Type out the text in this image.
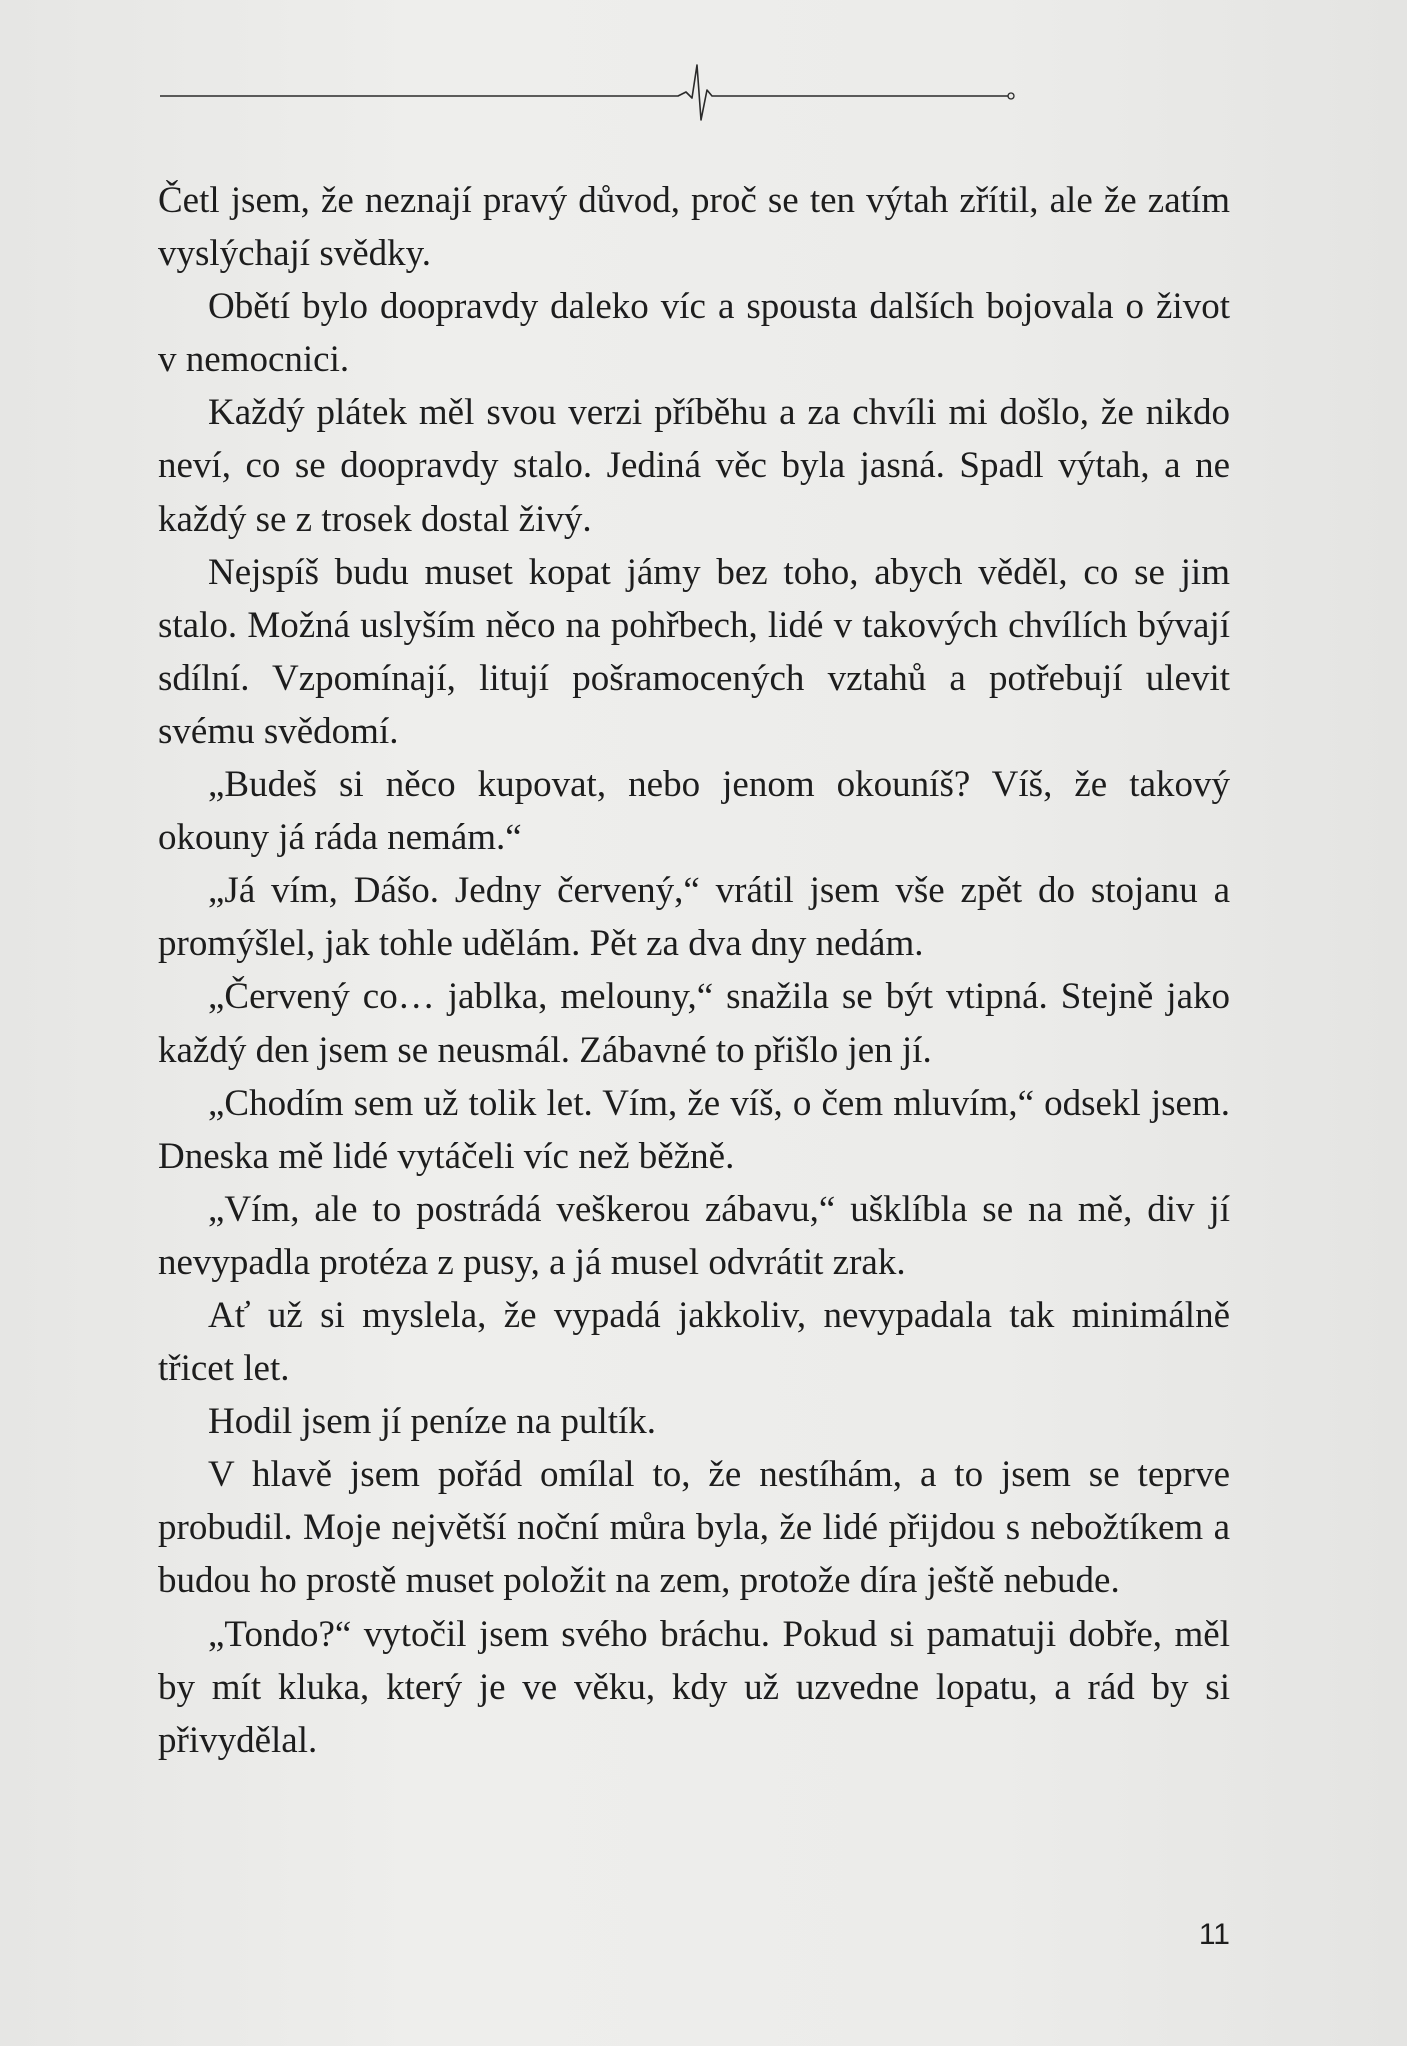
Četl jsem, že neznají pravý důvod, proč se ten výtah zřítil, ale že zatím vyslýchají svědky.

Obětí bylo doopravdy daleko víc a spousta dalších bojovala o život v nemocnici.

Každý plátek měl svou verzi příběhu a za chvíli mi došlo, že nikdo neví, co se doopravdy stalo. Jediná věc byla jasná. Spadl výtah, a ne každý se z trosek dostal živý.

Nejspíš budu muset kopat jámy bez toho, abych věděl, co se jim stalo. Možná uslyším něco na pohřbech, lidé v takových chvílích bývají sdílní. Vzpomínají, litují pošramocených vztahů a potřebují ulevit svému svědomí.

„Budeš si něco kupovat, nebo jenom okouníš? Víš, že takový okouny já ráda nemám.“

„Já vím, Dášo. Jedny červený,“ vrátil jsem vše zpět do stojanu a promýšlel, jak tohle udělám. Pět za dva dny nedám.

„Červený co… jablka, melouny,“ snažila se být vtipná. Stejně jako každý den jsem se neusmál. Zábavné to přišlo jen jí.

„Chodím sem už tolik let. Vím, že víš, o čem mluvím,“ odsekl jsem. Dneska mě lidé vytáčeli víc než běžně.

„Vím, ale to postrádá veškerou zábavu,“ ušklíbla se na mě, div jí nevypadla protéza z pusy, a já musel odvrátit zrak.

Ať už si myslela, že vypadá jakkoliv, nevypadala tak minimálně třicet let.

Hodil jsem jí peníze na pultík.

V hlavě jsem pořád omílal to, že nestíhám, a to jsem se teprve probudil. Moje největší noční můra byla, že lidé přijdou s nebožtíkem a budou ho prostě muset položit na zem, protože díra ještě nebude.

„Tondo?“ vytočil jsem svého bráchu. Pokud si pamatuji dobře, měl by mít kluka, který je ve věku, kdy už uzvedne lopatu, a rád by si přivydělal.

11
